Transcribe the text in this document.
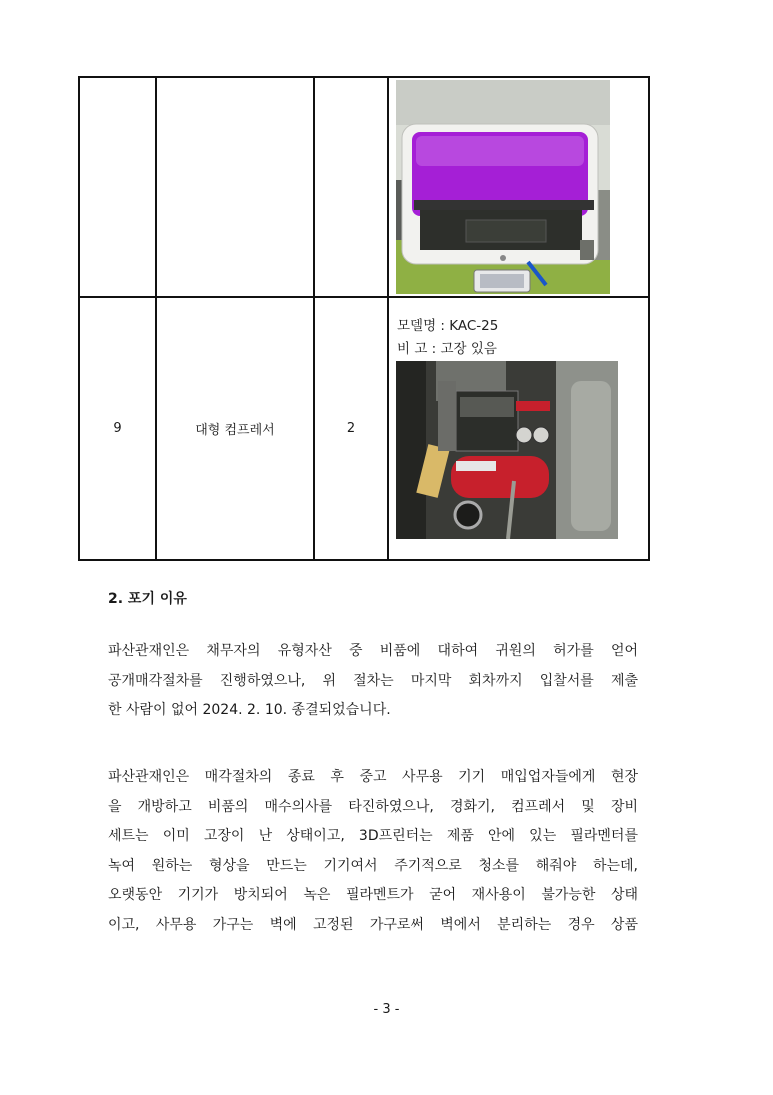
9	대형 컴프레서	2	모델명 : KAC-25
비 고 : 고장 있음
2. 포기 이유

파산관재인은 채무자의 유형자산 중 비품에 대하여 귀원의 허가를 얻어
공개매각절차를 진행하였으나, 위 절차는 마지막 회차까지 입찰서를 제출
한 사람이 없어 2024. 2. 10. 종결되었습니다.

파산관재인은 매각절차의 종료 후 중고 사무용 기기 매입업자들에게 현장
을 개방하고 비품의 매수의사를 타진하였으나, 경화기, 컴프레서 및 장비
세트는 이미 고장이 난 상태이고, 3D프린터는 제품 안에 있는 필라멘터를
녹여 원하는 형상을 만드는 기기여서 주기적으로 청소를 해줘야 하는데,
오랫동안 기기가 방치되어 녹은 필라멘트가 굳어 재사용이 불가능한 상태
이고, 사무용 가구는 벽에 고정된 가구로써 벽에서 분리하는 경우 상품

- 3 -
